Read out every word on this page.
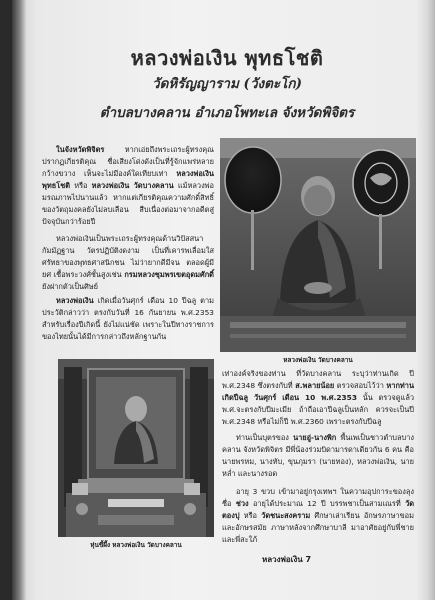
หลวงพ่อเงิน พุทธโชติ
วัดหิรัญญาราม (วังตะโก)
ตำบลบางคลาน อำเภอโพทะเล จังหวัดพิจิตร
ในจังหวัดพิจิตร หากเอ่ยถึงพระเถระผู้ทรงคุณ ปรากฏเกียรติคุณ ชื่อเสียงโด่งดังเป็นที่รู้จักแพร่หลาย กว้างขวาง เห็นจะไม่มีองค์ใดเทียบเท่า หลวงพ่อเงิน พุทธโชติ หรือ หลวงพ่อเงิน วัดบางคลาน แม้หลวงพ่อมรณภาพไปนานแล้ว หากแต่เกียรติคุณความศักดิ์สิทธิ์ของวัตถุมงคลยังไม่ลบเลือน สืบเนื่องต่อมาจากอดีตสู่ปัจจุบันกว่าร้อยปี
หลวงพ่อเงินเป็นพระเถระผู้ทรงคุณด้านวิปัสสนากัมมัฏฐาน วัตรปฏิบัติงดงาม เป็นที่เคารพเลื่อมใสศรัทธาของพุทธศาสนิกชน ไม่ว่ายากดีมีจน ตลอดผู้มียศ เชื้อพระวงศ์ชั้นสูงเช่น กรมหลวงชุมพรเขตอุดมศักดิ์ ยังฝากตัวเป็นศิษย์
หลวงพ่อเงิน เกิดเมื่อวันศุกร์ เดือน 10 ปีฉลู ตามประวัติกล่าวว่า ตรงกับวันที่ 16 กันยายน พ.ศ.2353 สำหรับเรื่องปีเกิดนี้ ยังไม่แน่ชัด เพราะในปีทางราชการของไทยนั้นได้มีการกล่าวถึงหลักฐานกัน
หลวงพ่อเงิน วัดบางคลาน
หุ่นขี้ผึ้ง หลวงพ่อเงิน วัดบางคลาน
เท่าองค์จริงของท่าน ที่วัดบางคลาน ระบุว่าท่านเกิด ปี พ.ศ.2348 ซึ่งตรงกับที่ ส.พลายน้อย ตรวจสอบไว้ว่า หากท่านเกิดปีฉลู วันศุกร์ เดือน 10 พ.ศ.2353 นั้น ตรวจดูแล้ว พ.ศ.จะตรงกับปีมะเมีย ถ้าถือเอาปีฉลูเป็นหลัก ควรจะเป็นปี พ.ศ.2348 หรือไม่ก็ปี พ.ศ.2360 เพราะตรงกับปีฉลู
ท่านเป็นบุตรของ นายอู่-นางพิก พื้นเพเป็นชาวตำบลบางคลาน จังหวัดพิจิตร มีพี่น้องร่วมบิดามารดาเดียวกัน 6 คน คือ นายพรหม, นางทับ, ขุนภุมรา (นายทอง), หลวงพ่อเงิน, นายหล่ำ และนางรอด
อายุ 3 ขวบ เข้ามาอยู่กรุงเทพฯ ในความอุปการะของลุง ชื่อ ช่วง อายุได้ประมาณ 12 ปี บรรพชาเป็นสามเณรที่ วัดตองปุ หรือ วัดชนะสงคราม ศึกษาเล่าเรียน อักษรภาษาขอม และอักษรสมัย ภาษาหลังจากศึกษาบาลี มาอาศัยอยู่กับพี่ชายและพี่สะใภ้
หลวงพ่อเงิน 7
